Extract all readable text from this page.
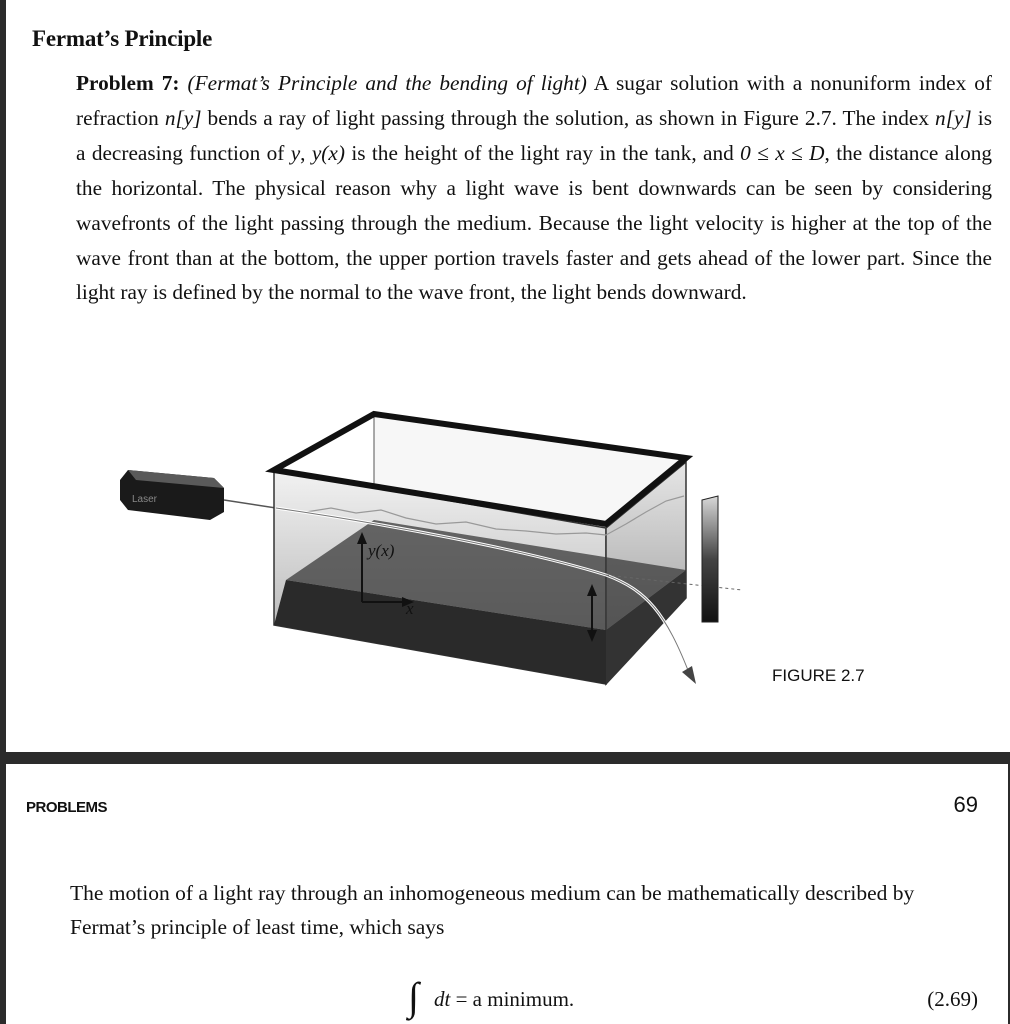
Fermat’s Principle
Problem 7: (Fermat’s Principle and the bending of light) A sugar solution with a nonuniform index of refraction n[y] bends a ray of light passing through the solution, as shown in Figure 2.7. The index n[y] is a decreasing function of y, y(x) is the height of the light ray in the tank, and 0 ≤ x ≤ D, the distance along the horizontal. The physical reason why a light wave is bent downwards can be seen by considering wavefronts of the light passing through the medium. Because the light velocity is higher at the top of the wave front than at the bottom, the upper portion travels faster and gets ahead of the lower part. Since the light ray is defined by the normal to the wave front, the light bends downward.
Laser
y(x)
x
FIGURE 2.7
PROBLEMS	69
The motion of a light ray through an inhomogeneous medium can be mathematically described by Fermat’s principle of least time, which says
∫ dt = a minimum.	(2.69)
